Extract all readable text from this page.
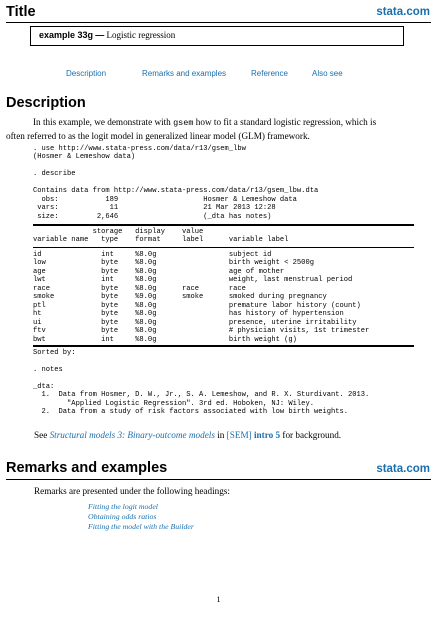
Title	stata.com
example 33g — Logistic regression
Description	Remarks and examples	Reference	Also see
Description
In this example, we demonstrate with gsem how to fit a standard logistic regression, which is
often referred to as the logit model in generalized linear model (GLM) framework.
. use http://www.stata-press.com/data/r13/gsem_lbw
(Hosmer & Lemeshow data)

. describe

Contains data from http://www.stata-press.com/data/r13/gsem_lbw.dta
obs:           189                    Hosmer & Lemeshow data
vars:            11                    21 Mar 2013 12:28
size:         2,646                    (_dta has notes)
storage   display    value
variable name   type    format     label      variable label
id              int     %8.0g                 subject id
low             byte    %8.0g                 birth weight < 2500g
age             byte    %8.0g                 age of mother
lwt             int     %8.0g                 weight, last menstrual period
race            byte    %8.0g      race       race
smoke           byte    %9.0g      smoke      smoked during pregnancy
ptl             byte    %8.0g                 premature labor history (count)
ht              byte    %8.0g                 has history of hypertension
ui              byte    %8.0g                 presence, uterine irritability
ftv             byte    %8.0g                 # physician visits, 1st trimester
bwt             int     %8.0g                 birth weight (g)
Sorted by:

. notes

_dta:
1.  Data from Hosmer, D. W., Jr., S. A. Lemeshow, and R. X. Sturdivant. 2013.
"Applied Logistic Regression". 3rd ed. Hoboken, NJ: Wiley.
2.  Data from a study of risk factors associated with low birth weights.
See Structural models 3: Binary-outcome models in [SEM] intro 5 for background.
Remarks and examples	stata.com
Remarks are presented under the following headings:
Fitting the logit model
Obtaining odds ratios
Fitting the model with the Builder
1
